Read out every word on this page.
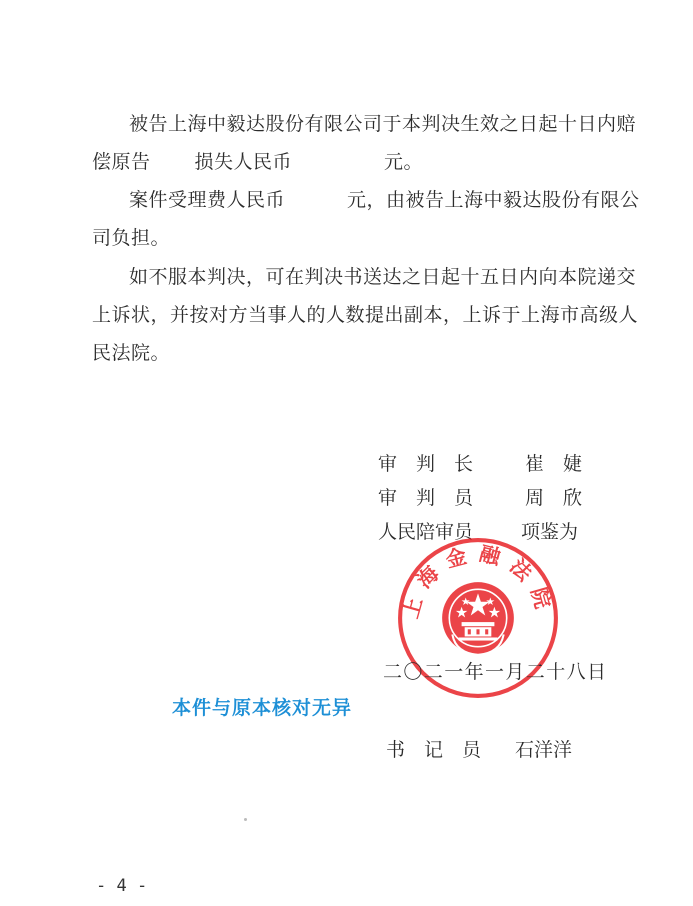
被告上海中毅达股份有限公司于本判决生效之日起十日内赔
偿原告 损失人民币	元。
案件受理费人民币	元，由被告上海中毅达股份有限公
司负担。
如不服本判决，可在判决书送达之日起十五日内向本院递交
上诉状，并按对方当事人的人数提出副本，上诉于上海市高级人
民法院。
审　判　长	崔　婕
审　判　员	周　欣
人民陪审员	项鉴为
上海金融法院
二〇二一年一月二十八日
本件与原本核对无异
书　记　员 石洋洋
- 4 -
